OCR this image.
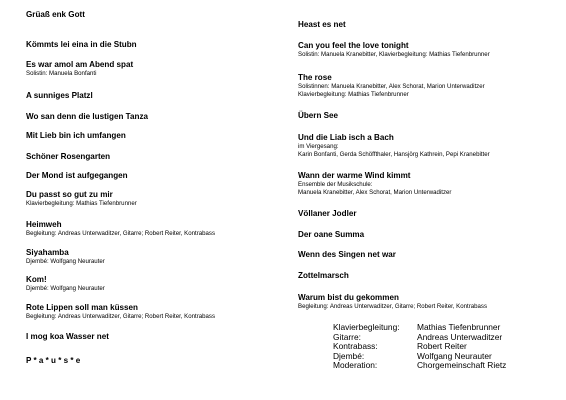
Grüaß enk Gott
Kömmts lei eina in die Stubn
Es war amol am Abend spat
Solistin: Manuela Bonfanti
A sunniges Platzl
Wo san denn die lustigen Tanza
Mit Lieb bin ich umfangen
Schöner Rosengarten
Der Mond ist aufgegangen
Du passt so gut zu mir
Klavierbegleitung: Mathias Tiefenbrunner
Heimweh
Begleitung: Andreas Unterwaditzer, Gitarre; Robert Reiter, Kontrabass
Siyahamba
Djembé: Wolfgang Neurauter
Kom!
Djembé: Wolfgang Neurauter
Rote Lippen soll man küssen
Begleitung: Andreas Unterwaditzer, Gitarre; Robert Reiter, Kontrabass
I mog koa Wasser net
P * a * u * s * e
Heast es net
Can you feel the love tonight
Solistin: Manuela Kranebitter, Klavierbegleitung: Mathias Tiefenbrunner
The rose
Solistinnen: Manuela Kranebitter, Alex Schorat, Marion Unterwaditzer
Klavierbegleitung: Mathias Tiefenbrunner
Übern See
Und die Liab isch a Bach
im Viergesang:
Karin Bonfanti, Gerda Schöffthaler, Hansjörg Kathrein, Pepi Kranebitter
Wann der warme Wind kimmt
Ensemble der Musikschule:
Manuela Kranebitter, Alex Schorat, Marion Unterwaditzer
Völlaner Jodler
Der oane Summa
Wenn des Singen net war
Zottelmarsch
Warum bist du gekommen
Begleitung: Andreas Unterwaditzer, Gitarre; Robert Reiter, Kontrabass
Klavierbegleitung:	Mathias Tiefenbrunner
Gitarre:	Andreas Unterwaditzer
Kontrabass:	Robert Reiter
Djembé:	Wolfgang Neurauter
Moderation:	Chorgemeinschaft Rietz
